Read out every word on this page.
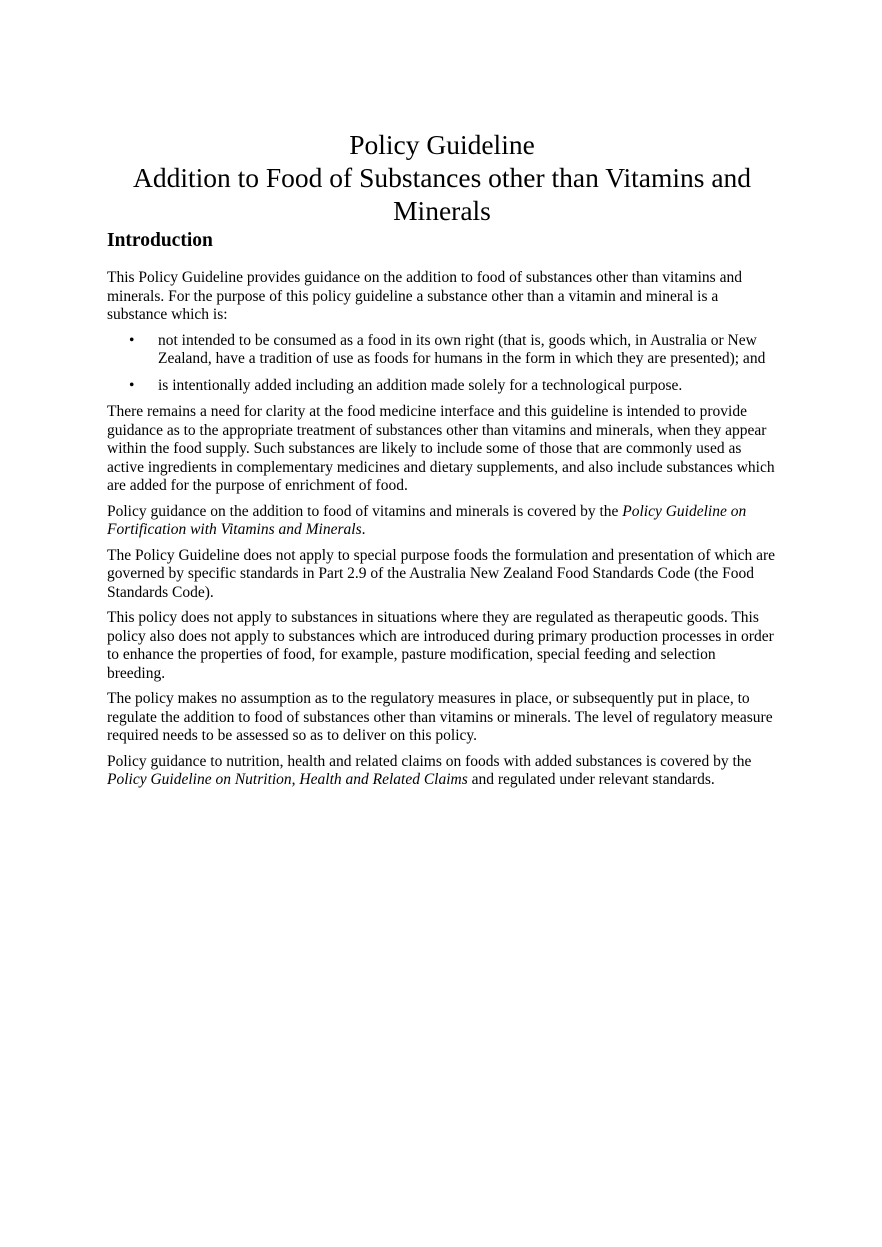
Policy Guideline
Addition to Food of Substances other than Vitamins and
Minerals
Introduction

This Policy Guideline provides guidance on the addition to food of substances other than vitamins and minerals. For the purpose of this policy guideline a substance other than a vitamin and mineral is a substance which is:

• not intended to be consumed as a food in its own right (that is, goods which, in Australia or New Zealand, have a tradition of use as foods for humans in the form in which they are presented); and
• is intentionally added including an addition made solely for a technological purpose.

There remains a need for clarity at the food medicine interface and this guideline is intended to provide guidance as to the appropriate treatment of substances other than vitamins and minerals, when they appear within the food supply. Such substances are likely to include some of those that are commonly used as active ingredients in complementary medicines and dietary supplements, and also include substances which are added for the purpose of enrichment of food.

Policy guidance on the addition to food of vitamins and minerals is covered by the Policy Guideline on Fortification with Vitamins and Minerals.

The Policy Guideline does not apply to special purpose foods the formulation and presentation of which are governed by specific standards in Part 2.9 of the Australia New Zealand Food Standards Code (the Food Standards Code).

This policy does not apply to substances in situations where they are regulated as therapeutic goods. This policy also does not apply to substances which are introduced during primary production processes in order to enhance the properties of food, for example, pasture modification, special feeding and selection breeding.

The policy makes no assumption as to the regulatory measures in place, or subsequently put in place, to regulate the addition to food of substances other than vitamins or minerals. The level of regulatory measure required needs to be assessed so as to deliver on this policy.

Policy guidance to nutrition, health and related claims on foods with added substances is covered by the Policy Guideline on Nutrition, Health and Related Claims and regulated under relevant standards.
